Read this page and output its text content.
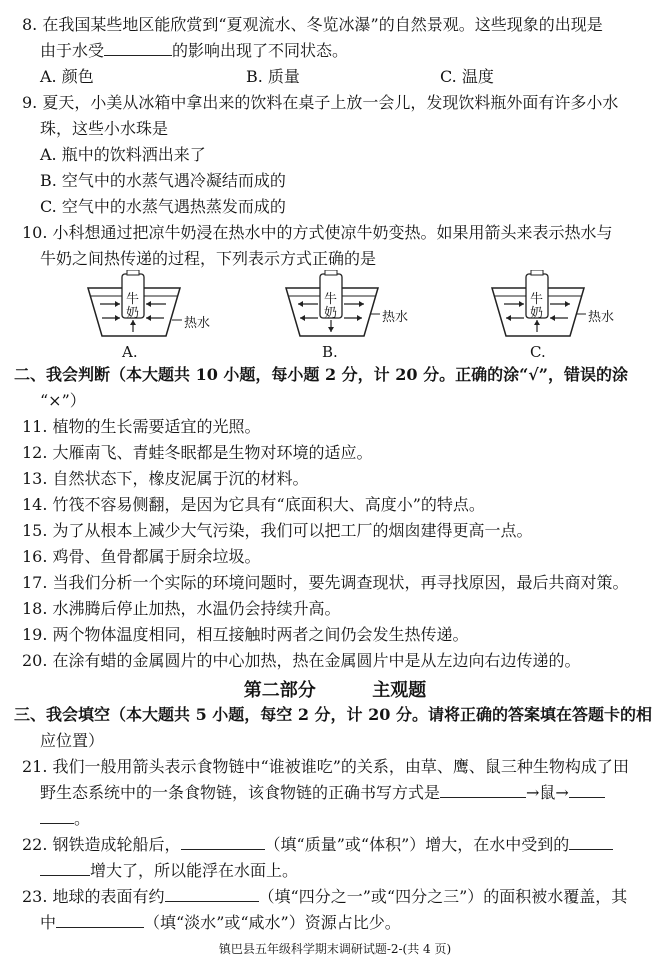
8. 在我国某些地区能欣赏到“夏观流水、冬览冰瀑”的自然景观。这些现象的出现是
由于水受	的影响出现了不同状态。
A. 颜色	B. 质量	C. 温度
9. 夏天，小美从冰箱中拿出来的饮料在桌子上放一会儿，发现饮料瓶外面有许多小水
珠，这些小水珠是
A. 瓶中的饮料洒出来了
B. 空气中的水蒸气遇冷凝结而成的
C. 空气中的水蒸气遇热蒸发而成的
10. 小科想通过把凉牛奶浸在热水中的方式使凉牛奶变热。如果用箭头来表示热水与
牛奶之间热传递的过程，下列表示方式正确的是
牛
奶
热水
A.
牛
奶	热水
B.
牛
奶	热水
C.
二、我会判断（本大题共 10 小题，每小题 2 分，计 20 分。正确的涂“√”，错误的涂
“×”）
11. 植物的生长需要适宜的光照。
12. 大雁南飞、青蛙冬眠都是生物对环境的适应。
13. 自然状态下，橡皮泥属于沉的材料。
14. 竹筏不容易侧翻，是因为它具有“底面积大、高度小”的特点。
15. 为了从根本上减少大气污染，我们可以把工厂的烟囱建得更高一点。
16. 鸡骨、鱼骨都属于厨余垃圾。
17. 当我们分析一个实际的环境问题时，要先调查现状，再寻找原因，最后共商对策。
18. 水沸腾后停止加热，水温仍会持续升高。
19. 两个物体温度相同，相互接触时两者之间仍会发生热传递。
20. 在涂有蜡的金属圆片的中心加热，热在金属圆片中是从左边向右边传递的。
第二部分	主观题
三、我会填空（本大题共 5 小题，每空 2 分，计 20 分。请将正确的答案填在答题卡的相
应位置）
21. 我们一般用箭头表示食物链中“谁被谁吃”的关系，由草、鹰、鼠三种生物构成了田
野生态系统中的一条食物链，该食物链的正确书写方式是	→鼠→
。
22. 钢铁造成轮船后，	（填“质量”或“体积”）增大，在水中受到的
增大了，所以能浮在水面上。
23. 地球的表面有约	（填“四分之一”或“四分之三”）的面积被水覆盖，其
中	（填“淡水”或“咸水”）资源占比少。
镇巴县五年级科学期末调研试题-2-(共 4 页)
